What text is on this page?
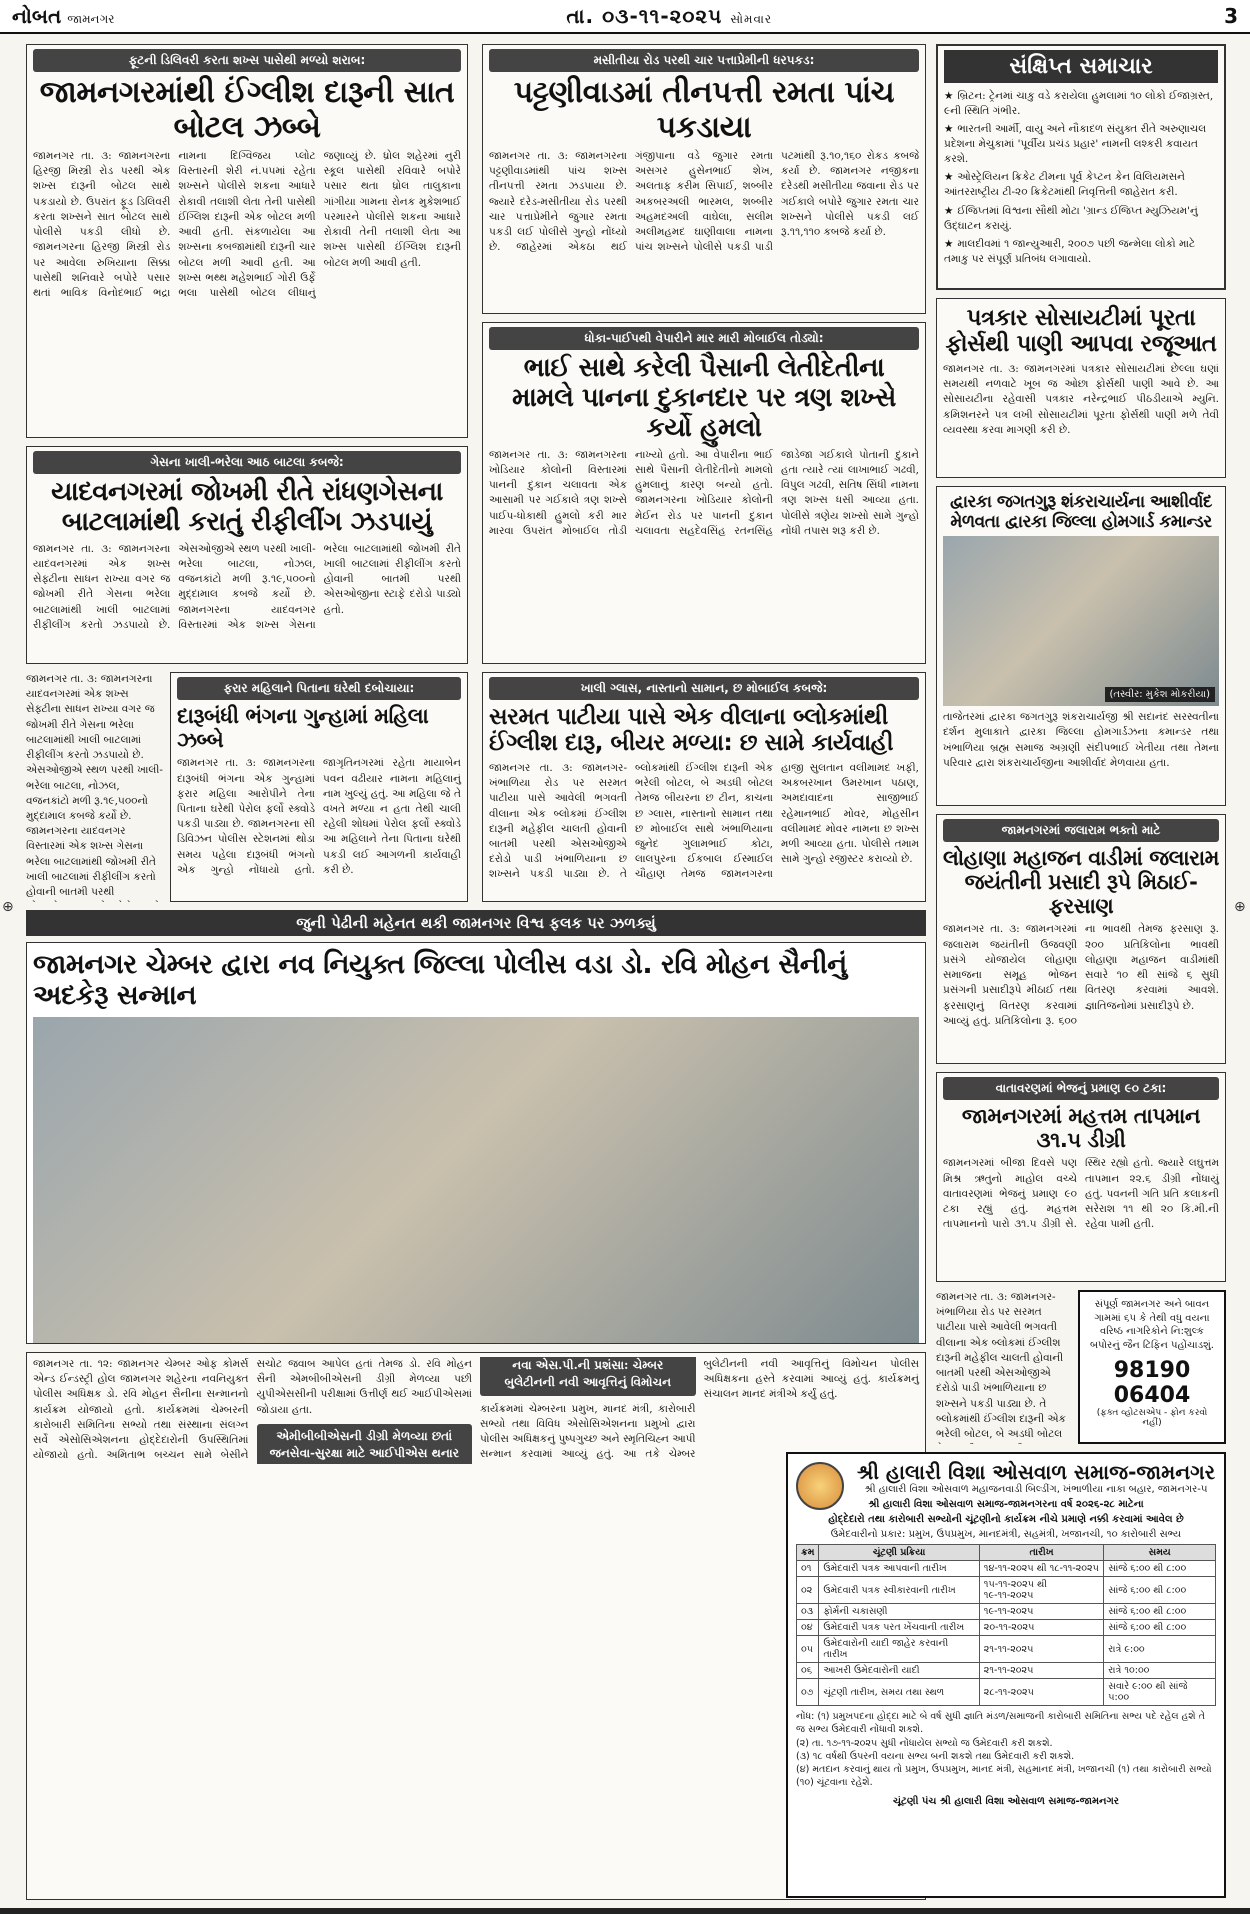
નોબત જામનગર	તા. ૦૩-૧૧-૨૦૨૫ સોમવાર	3
ફૂટની ડિલિવરી કરતા શખ્સ પાસેથી મળ્યો શરાબ:
જામનગરમાંથી ઈંગ્લીશ દારૂની સાત બોટલ ઝબ્બે
જામનગર તા. ૩: જામનગરના હિરજી મિસ્ત્રી રોડ પરથી એક શખ્સ દારૂની બોટલ સાથે પકડાયો છે. ઉપરાંત ફૂડ ડિલિવરી કરતા શખ્સને સાત બોટલ સાથે પોલીસે પકડી લીધો છે. જામનગરના હિરજી મિસ્ત્રી રોડ પર આવેલા રુખિયાના સિક્કા પાસેથી શનિવારે બપોરે પસાર થતાં ભાવિક વિનોદભાઈ ભદ્રા નામના દિગ્વિજય પ્લોટ વિસ્તારની શેરી નં.૫૫માં રહેતા શખ્સને પોલીસે શકના આધારે રોકાવી તલાશી લેતા તેની પાસેથી ઈંગ્લિશ દારૂની એક બોટલ મળી આવી હતી. સંકળાયેલા આ શખ્સના કબજામાંથી દારૂની ચાર બોટલ મળી આવી હતી. આ શખ્સ ભથ્થ મહેશભાઈ ગોરી ઉર્ફે ભલા પાસેથી બોટલ લીધાનું જણાવ્યું છે. ધ્રોલ શહેરમાં નુરી સ્કૂલ પાસેથી રવિવારે બપોરે પસાર થતા ધ્રોલ તાલુકાના ગાંગીયા ગામના રોનક મુકેશભાઈ પરમારને પોલીસે શકના આધારે રોકાવી તેની તલાશી લેતા આ શખ્સ પાસેથી ઈંગ્લિશ દારૂની બોટલ મળી આવી હતી.
મસીતીયા રોડ પરથી ચાર પત્તાપ્રેમીની ધરપકડ:
પટ્ટણીવાડમાં તીનપત્તી રમતા પાંચ પકડાયા
જામનગર તા. ૩: જામનગરના પટ્ટણીવાડમાંથી પાંચ શખ્સ તીનપત્તી રમતા ઝડપાયા છે. જ્યારે દરેડ-મસીતીયા રોડ પરથી ચાર પત્તાપ્રેમીને જુગાર રમતા પકડી લઈ પોલીસે ગુન્હો નોંધ્યો છે. જાહેરમાં એકઠા થઈ ગંજીપાના વડે જુગાર રમતા અસગર હુસેનભાઈ શેખ, અલતાફ કરીમ સિપાઈ, શબ્બીર અકબરઅલી ભારમલ, શબ્બીર અહમદઅલી વાઘેલા, સલીમ અલીમહમદ ઘાણીવાલા નામના પાંચ શખ્સને પોલીસે પકડી પાડી પટમાંથી રૂ.૧૦,૧૬૦ રોકડ કબજે કર્યા છે. જામનગર નજીકના દરેડથી મસીતીયા જવાના રોડ પર ગઈકાલે બપોરે જુગાર રમતા ચાર શખ્સને પોલીસે પકડી લઈ રૂ.૧૧,૧૧૦ કબજે કર્યા છે.
સંક્ષિપ્ત સમાચાર
★ બ્રિટન: ટ્રેનમાં ચાકુ વડે કરાયેલા હુમલામાં ૧૦ લોકો ઈજાગ્રસ્ત, ૯ની સ્થિતિ ગંભીર.
★ ભારતની આર્મી, વાયુ અને નૌકાદળ સંયુક્ત રીતે અરુણાચલ પ્રદેશના મેચુકામાં 'પૂર્વીય પ્રચંડ પ્રહાર' નામની લશ્કરી કવાયત કરશે.
★ ઓસ્ટ્રેલિયન ક્રિકેટ ટીમના પૂર્વ કેપ્ટન કેન વિલિયમસને આંતરરાષ્ટ્રીય ટી-૨૦ ક્રિકેટમાંથી નિવૃત્તિની જાહેરાત કરી.
★ ઈજિપ્તમાં વિશ્વના સૌથી મોટા 'ગ્રાન્ડ ઈજિપ્ત મ્યુઝિયમ'નું ઉદ્ઘાટન કરાયું.
★ માલદીવમાં ૧ જાન્યુઆરી, ૨૦૦૭ પછી જન્મેલા લોકો માટે તમાકુ પર સંપૂર્ણ પ્રતિબંધ લગાવાયો.
પત્રકાર સોસાયટીમાં પૂરતા ફોર્સથી પાણી આપવા રજૂઆત
જામનગર તા. ૩: જામનગરમાં પત્રકાર સોસાયટીમાં છેલ્લા ઘણાં સમયથી નળવાટે ખૂબ જ ઓછા ફોર્સથી પાણી આવે છે. આ સોસાયટીના રહેવાસી પત્રકાર નરેન્દ્રભાઈ પીઠડીયાએ મ્યુનિ. કમિશનરને પત્ર લખી સોસાયટીમાં પૂરતા ફોર્સથી પાણી મળે તેવી વ્યવસ્થા કરવા માગણી કરી છે.
ગેસના ખાલી-ભરેલા આઠ બાટલા કબજે:
યાદવનગરમાં જોખમી રીતે રાંધણગેસના બાટલામાંથી કરાતું રીફીલીંગ ઝડપાયું
જામનગર તા. ૩: જામનગરના યાદવનગરમાં એક શખ્સ સેફ્ટીના સાધન રાખ્યા વગર જ જોખમી રીતે ગેસના ભરેલા બાટલામાંથી ખાલી બાટલામાં રીફીલીંગ કરતો ઝડપાયો છે. એસઓજીએ સ્થળ પરથી ખાલી-ભરેલા બાટલા, નોઝલ, વજનકાંટો મળી રૂ.૧૯,૫૦૦નો મુદ્દામાલ કબજે કર્યો છે. જામનગરના યાદવનગર વિસ્તારમાં એક શખ્સ ગેસના ભરેલા બાટલામાંથી જોખમી રીતે ખાલી બાટલામાં રીફીલીંગ કરતો હોવાની બાતમી પરથી એસઓજીના સ્ટાફે દરોડો પાડ્યો હતો.
ધોકા-પાઈપથી વેપારીને માર મારી મોબાઈલ તોડ્યો:
ભાઈ સાથે કરેલી પૈસાની લેતીદેતીના મામલે પાનના દુકાનદાર પર ત્રણ શખ્સે કર્યો હુમલો
જામનગર તા. ૩: જામનગરના ખોડિયાર કોલોની વિસ્તારમાં પાનની દુકાન ચલાવતા એક આસામી પર ગઈકાલે ત્રણ શખ્સે પાઈપ-ધોકાથી હુમલો કરી માર મારવા ઉપરાંત મોબાઈલ તોડી નાખ્યો હતો. આ વેપારીના ભાઈ સાથે પૈસાની લેતીદેતીનો મામલો હુમલાનું કારણ બન્યો હતો. જામનગરના ખોડિયાર કોલોની મેઈન રોડ પર પાનની દુકાન ચલાવતા સહદેવસિંહ રતનસિંહ જાડેજા ગઈકાલે પોતાની દુકાને હતા ત્યારે ત્યાં લાખાભાઈ ગઢવી, વિપુલ ગઢવી, સતિષ સિંધી નામના ત્રણ શખ્સ ધસી આવ્યા હતા. પોલીસે ત્રણેય શખ્સો સામે ગુન્હો નોંધી તપાસ શરૂ કરી છે.
દ્વારકા જગતગુરૂ શંકરાચાર્યના આશીર્વાદ મેળવતા દ્વારકા જિલ્લા હોમગાર્ડ કમાન્ડર
(તસ્વીર: મુકેશ મોકરીયા)
તાજેતરમાં દ્વારકા જગતગુરૂ શંકરાચાર્યજી શ્રી સદાનંદ સરસ્વતીના દર્શન મુલાકાતે દ્વારકા જિલ્લા હોમગાર્ડઝના કમાન્ડર તથા ખંભાળિયા બ્રહ્મ સમાજ અગ્રણી સંદીપભાઈ ખેતીયા તથા તેમના પરિવાર દ્વારા શંકરાચાર્યજીના આશીર્વાદ મેળવાયા હતા.
ફરાર મહિલાને પિતાના ઘરેથી દબોચાયા:
દારૂબંધી ભંગના ગુન્હામાં મહિલા ઝબ્બે
જામનગર તા. ૩: જામનગરના દારૂબંધી ભંગના એક ગુન્હામાં ફરાર મહિલા આરોપીને તેના પિતાના ઘરેથી પેરોલ ફર્લો સ્ક્વોડે પકડી પાડ્યા છે. જામનગરના સી ડિવિઝન પોલીસ સ્ટેશનમાં થોડા સમય પહેલા દારૂબંધી ભંગનો એક ગુન્હો નોંધાયો હતો. જાગૃતિનગરમાં રહેતા માયાબેન પવન વઢીયાર નામના મહિલાનું નામ ખુલ્યું હતું. આ મહિલા જે તે વખતે મળ્યા ન હતા તેથી ચાલી રહેલી શોધમાં પેરોલ ફર્લો સ્ક્વોડે આ મહિલાને તેના પિતાના ઘરેથી પકડી લઈ આગળની કાર્યવાહી કરી છે.
જામનગર તા. ૩: જામનગરના યાદવનગરમાં એક શખ્સ સેફ્ટીના સાધન રાખ્યા વગર જ જોખમી રીતે ગેસના ભરેલા બાટલામાંથી ખાલી બાટલામાં રીફીલીંગ કરતો ઝડપાયો છે. એસઓજીએ સ્થળ પરથી ખાલી-ભરેલા બાટલા, નોઝલ, વજનકાંટો મળી રૂ.૧૯,૫૦૦નો મુદ્દામાલ કબજે કર્યો છે. જામનગરના યાદવનગર વિસ્તારમાં એક શખ્સ ગેસના ભરેલા બાટલામાંથી જોખમી રીતે ખાલી બાટલામાં રીફીલીંગ કરતો હોવાની બાતમી પરથી
ખાલી ગ્લાસ, નાસ્તાનો સામાન, છ મોબાઈલ કબજે:
સરમત પાટીયા પાસે એક વીલાના બ્લોકમાંથી ઈંગ્લીશ દારૂ, બીયર મળ્યા: છ સામે કાર્યવાહી
જામનગર તા. ૩: જામનગર-ખંભાળિયા રોડ પર સરમત પાટીયા પાસે આવેલી ભગવતી વીલાના એક બ્લોકમાં ઈંગ્લીશ દારૂની મહેફીલ ચાલતી હોવાની બાતમી પરથી એસઓજીએ દરોડો પાડી ખંભાળિયાના છ શખ્સને પકડી પાડ્યા છે. તે બ્લોકમાંથી ઈંગ્લીશ દારૂની એક ભરેલી બોટલ, બે અડધી બોટલ તેમજ બીયરના છ ટીન, કાચના છ ગ્લાસ, નાસ્તાનો સામાન તથા છ મોબાઈલ સાથે ખંભાળિયાના જુનેદ ગુલામભાઈ કોટા, લાલપુરના ઈકબાલ ઈસ્માઈલ ચૌહાણ તેમજ જામનગરના હાજી સુલતાન વલીમામદ ખફી, અકબરખાન ઉમરખાન પઠાણ, અમદાવાદના સાજીભાઈ રહેમાનભાઈ મોવર, મોહસીન વલીમામદ મોવર નામના છ શખ્સ મળી આવ્યા હતા. પોલીસે તમામ સામે ગુન્હો રજીસ્ટર કરાવ્યો છે.
જામનગરમાં જલારામ ભક્તો માટે
લોહાણા મહાજન વાડીમાં જલારામ જયંતીની પ્રસાદી રૂપે મિઠાઈ-ફરસાણ
જામનગર તા. ૩: જામનગરમાં જલારામ જયંતીની ઉજવણી પ્રસંગે યોજાયેલ લોહાણા સમાજના સમૂહ ભોજન પ્રસંગની પ્રસાદીરૂપે મીઠાઈ તથા ફરસાણનું વિતરણ કરવામાં આવ્યું હતું. પ્રતિકિલોના રૂ. ૬૦૦ ના ભાવથી તેમજ ફરસાણ રૂ. ૨૦૦ પ્રતિકિલોના ભાવથી લોહાણા મહાજન વાડીમાંથી સવારે ૧૦ થી સાંજે ૬ સુધી વિતરણ કરવામાં આવશે. જ્ઞાતિજનોમાં પ્રસાદીરૂપે છે.
જુની પેઢીની મહેનત થકી જામનગર વિશ્વ ફલક પર ઝળક્યું
જામનગર ચેમ્બર દ્વારા નવ નિયુક્ત જિલ્લા પોલીસ વડા ડો. રવિ મોહન સૈનીનું અદકેરૂ સન્માન
જામનગર તા. ૧૨: જામનગર ચેમ્બર ઓફ કોમર્સ એન્ડ ઈન્ડસ્ટ્રી હોલ જામનગર શહેરના નવનિયુક્ત પોલીસ અધિક્ષક ડો. રવિ મોહન સૈનીના સન્માનનો કાર્યક્રમ યોજાયો હતો. કાર્યક્રમમાં ચેમ્બરની કારોબારી સમિતિના સભ્યો તથા સંસ્થાના સંલગ્ન સર્વે એસોસિએશનના હોદ્દેદારોની ઉપસ્થિતિમાં યોજાયો હતો. અમિતાભ બચ્ચન સામે બેસીને સચોટ જવાબ આપેલ હતાં તેમજ ડો. રવિ મોહન સૈની એમબીબીએસની ડીગ્રી મેળવ્યા પછી યુપીએસસીની પરીક્ષામાં ઉત્તીર્ણ થઈ આઈપીએસમાં જોડાયા હતા.
એમીબીબીએસની ડીગ્રી મેળવ્યા છતાં જનસેવા-સુરક્ષા માટે આઈપીએસ થનાર નવા એસ.પી.ની પ્રશંસા: ચેમ્બર બુલેટીનની નવી આવૃત્તિનું વિમોચન
કાર્યક્રમમાં ચેમ્બરના પ્રમુખ, માનદ મંત્રી, કારોબારી સભ્યો તથા વિવિધ એસોસિએશનના પ્રમુખો દ્વારા પોલીસ અધિક્ષકનું પુષ્પગુચ્છ અને સ્મૃતિચિહ્ન આપી સન્માન કરવામાં આવ્યું હતું. આ તકે ચેમ્બર બુલેટીનની નવી આવૃત્તિનું વિમોચન પોલીસ અધિક્ષકના હસ્તે કરવામાં આવ્યું હતું. કાર્યક્રમનું સંચાલન માનદ મંત્રીએ કર્યું હતું.
વાતાવરણમાં ભેજનું પ્રમાણ ૯૦ ટકા:
જામનગરમાં મહત્તમ તાપમાન ૩૧.૫ ડીગ્રી
જામનગરમાં બીજા દિવસે પણ મિશ્ર ઋતુનો માહોલ વચ્ચે વાતાવરણમાં ભેજનું પ્રમાણ ૯૦ ટકા રહ્યું હતું. મહત્તમ તાપમાનનો પારો ૩૧.૫ ડીગ્રી સે. સ્થિર રહ્યો હતો. જ્યારે લઘુત્તમ તાપમાન ૨૨.૬ ડીગ્રી નોંધાયું હતું. પવનની ગતિ પ્રતિ કલાકની સરેરાશ ૧૧ થી ૨૦ કિ.મી.ની રહેવા પામી હતી.
સંપૂર્ણ જામનગર અને બાવન
ગામમાં ૬૫ કે તેથી વધુ વયના
વરિષ્ઠ નાગરિકોને નિ:શુલ્ક
બપોરનું જૈન ટિફિન પહોંચાડશું.
98190 06404
(ફક્ત વ્હોટસએપ - ફોન કરવો નહીં)
જામનગર તા. ૩: જામનગર-ખંભાળિયા રોડ પર સરમત પાટીયા પાસે આવેલી ભગવતી વીલાના એક બ્લોકમાં ઈંગ્લીશ દારૂની મહેફીલ ચાલતી હોવાની બાતમી પરથી એસઓજીએ દરોડો પાડી ખંભાળિયાના છ શખ્સને પકડી પાડ્યા છે. તે બ્લોકમાંથી ઈંગ્લીશ દારૂની એક ભરેલી બોટલ, બે અડધી બોટલ
શ્રી હાલારી વિશા ઓસવાળ સમાજ-જામનગર
શ્રી હાલારી વિશા ઓસવાળ મહાજનવાડી બિલ્ડીંગ, ખંભાળીયા નાકા બહાર, જામનગર-૫
શ્રી હાલારી વિશા ઓસવાળ સમાજ-જામનગરના વર્ષ ૨૦૨૬-૨૮ માટેના
હોદ્દેદારો તથા કારોબારી સભ્યોની ચૂંટણીનો કાર્યક્રમ નીચે પ્રમાણે નક્કી કરવામાં આવેલ છે
ઉમેદવારીનો પ્રકાર: પ્રમુખ, ઉપપ્રમુખ, માનદમંત્રી, સહમંત્રી, ખજાનચી, ૧૦ કારોબારી સભ્ય
ક્રમ	ચૂંટણી પ્રક્રિયા	તારીખ	સમય
૦૧	ઉમેદવારી પત્રક આપવાની તારીખ	૧૪-૧૧-૨૦૨૫ થી ૧૮-૧૧-૨૦૨૫	સાંજે ૬:૦૦ થી ૮:૦૦
૦૨	ઉમેદવારી પત્રક સ્વીકારવાની તારીખ	૧૫-૧૧-૨૦૨૫ થી ૧૯-૧૧-૨૦૨૫	સાંજે ૬:૦૦ થી ૮:૦૦
૦૩	ફોર્મની ચકાસણી	૧૯-૧૧-૨૦૨૫	સાંજે ૬:૦૦ થી ૮:૦૦
૦૪	ઉમેદવારી પત્રક પરત ખેંચવાની તારીખ	૨૦-૧૧-૨૦૨૫	સાંજે ૬:૦૦ થી ૮:૦૦
૦૫	ઉમેદવારોની યાદી જાહેર કરવાની તારીખ	૨૧-૧૧-૨૦૨૫	રાત્રે ૯:૦૦
૦૬	આખરી ઉમેદવારોની યાદી	૨૧-૧૧-૨૦૨૫	રાત્રે ૧૦:૦૦
૦૭	ચૂંટણી તારીખ, સમય તથા સ્થળ	૨૮-૧૧-૨૦૨૫	સવારે ૯:૦૦ થી સાંજે ૫:૦૦
નોંધ: (૧) પ્રમુખપદના હોદ્દા માટે બે વર્ષ સુધી જ્ઞાતિ મંડળ/સમાજની કારોબારી સમિતિના સભ્ય પદે રહેલ હશે તે જ સભ્ય ઉમેદવારી નોંધાવી શકશે.
(૨) તા. ૧૭-૧૧-૨૦૨૫ સુધી નોંધાયેલ સભ્યો જ ઉમેદવારી કરી શકશે.
(૩) ૧૮ વર્ષથી ઉપરની વયના સભ્ય બની શકશે તથા ઉમેદવારી કરી શકશે.
(૪) મતદાન કરવાનું થાય તો પ્રમુખ, ઉપપ્રમુખ, માનદ મંત્રી, સહમાનદ મંત્રી, ખજાનચી (૧) તથા કારોબારી સભ્યો (૧૦) ચૂંટવાના રહેશે.
ચૂંટણી પંચ શ્રી હાલારી વિશા ઓસવાળ સમાજ-જામનગર
⊕	⊕
